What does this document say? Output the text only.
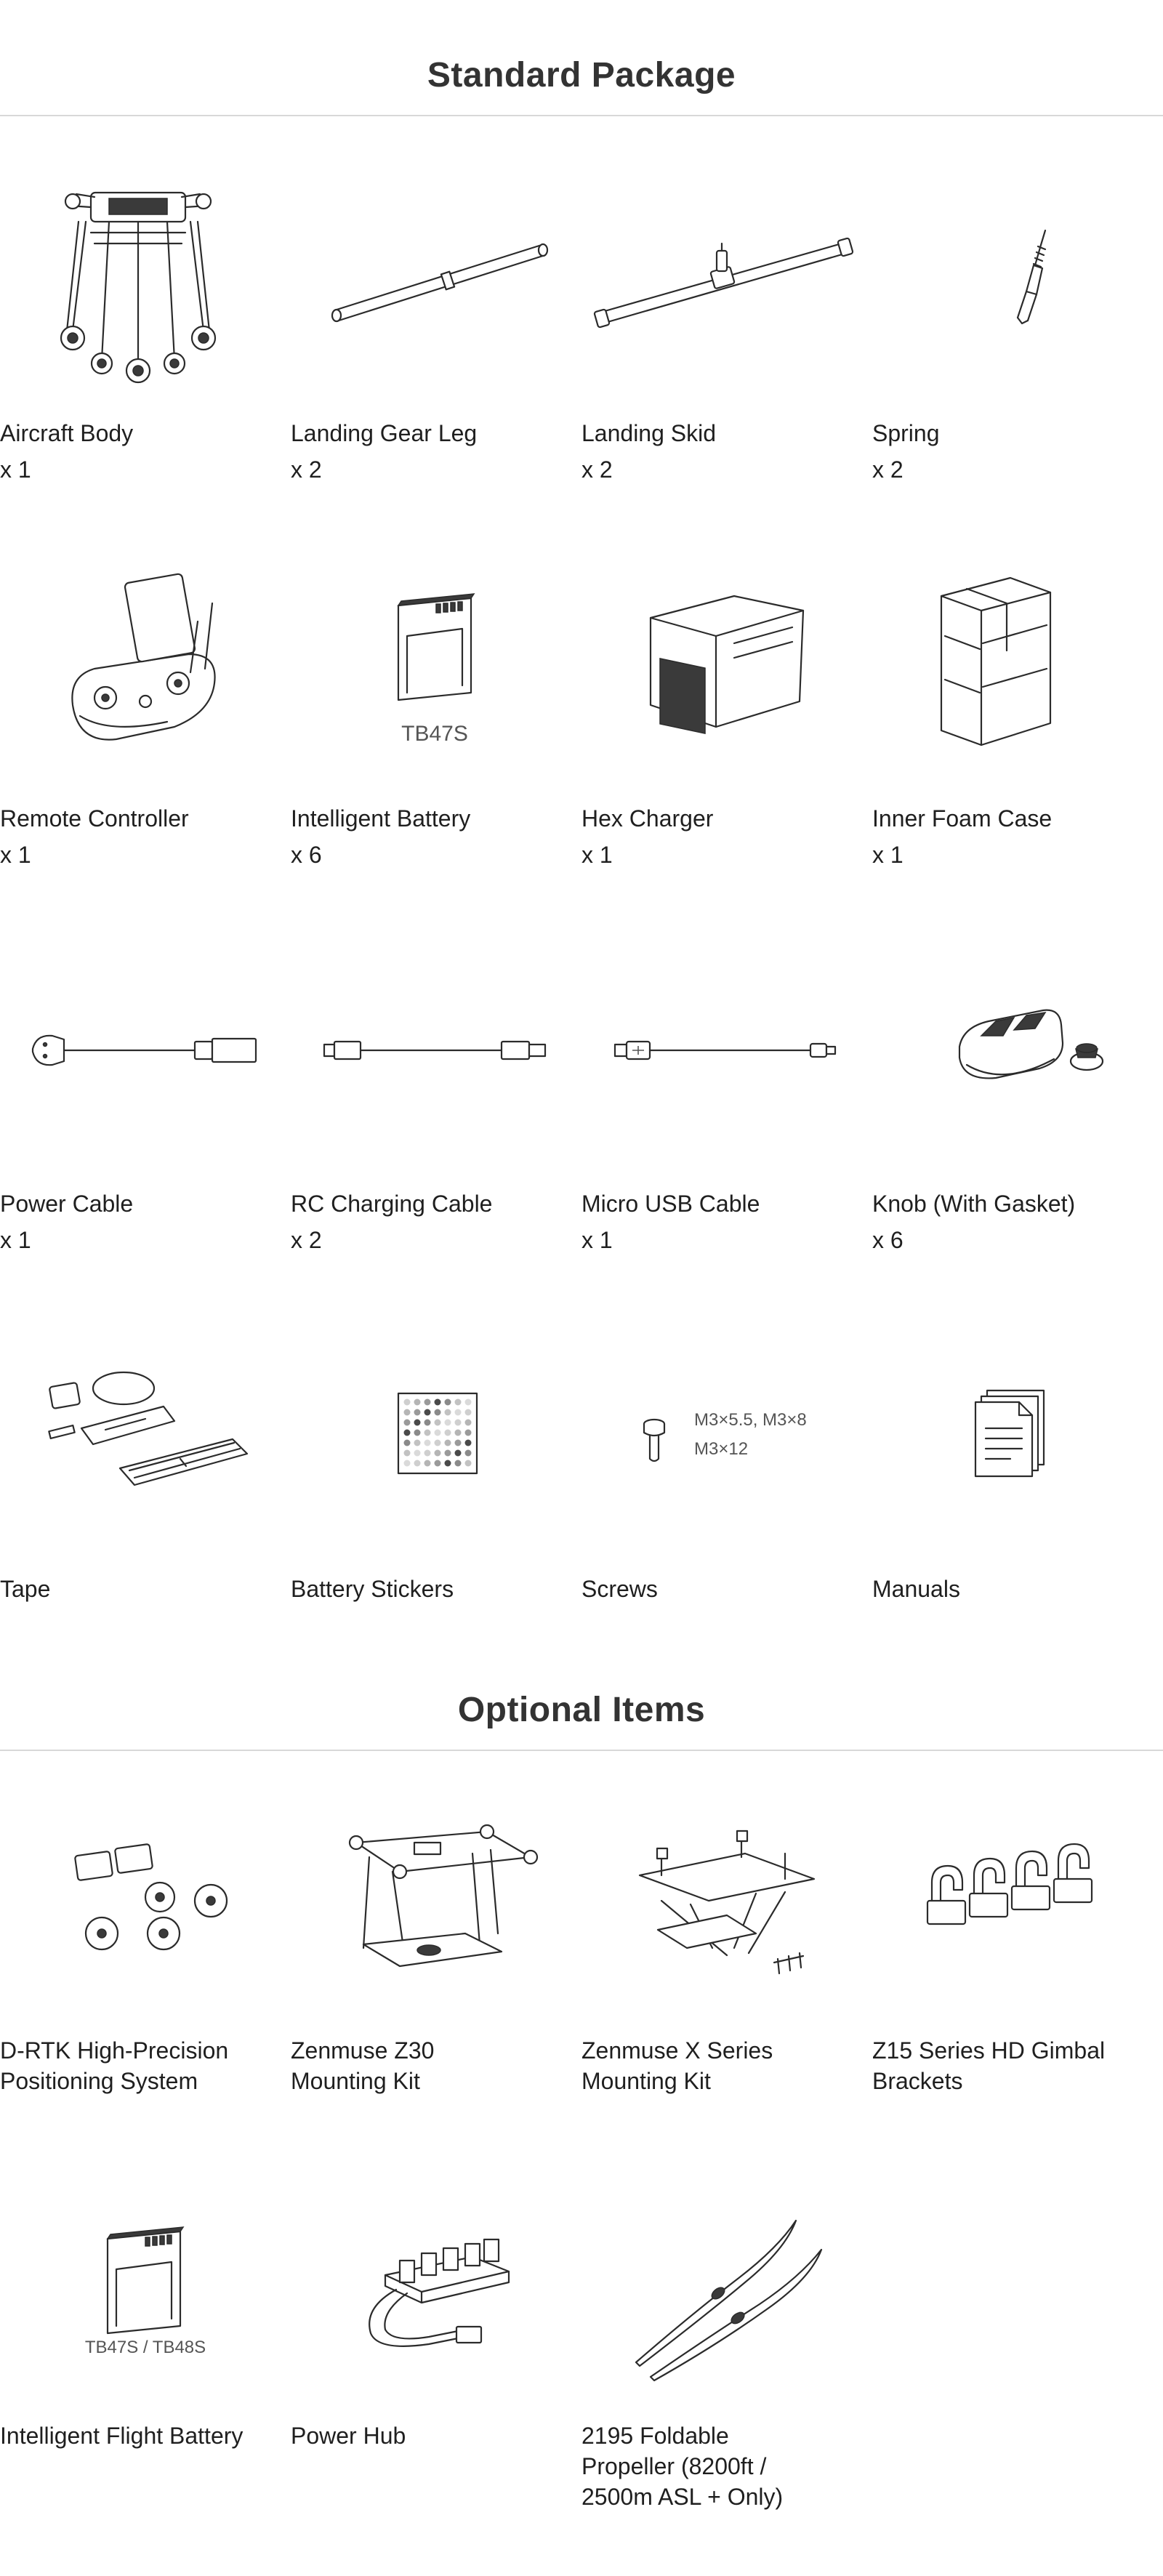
Standard Package
Aircraft Body
x 1
Landing Gear Leg
x 2
Landing Skid
x 2
Spring
x 2
Remote Controller
x 1
TB47S
Intelligent Battery
x 6
Hex Charger
x 1
Inner Foam Case
x 1
Power Cable
x 1
RC Charging Cable
x 2
Micro USB Cable
x 1
Knob (With Gasket)
x 6
Tape	Battery Stickers
M3×5.5, M3×8
M3×12
Screws	Manuals
Optional Items
D-RTK High-Precision
Positioning System
Zenmuse Z30
Mounting Kit
Zenmuse X Series
Mounting Kit
Z15 Series HD Gimbal
Brackets
TB47S / TB48S
Intelligent Flight Battery Power Hub	2195 Foldable
Propeller (8200ft /
2500m ASL + Only)
